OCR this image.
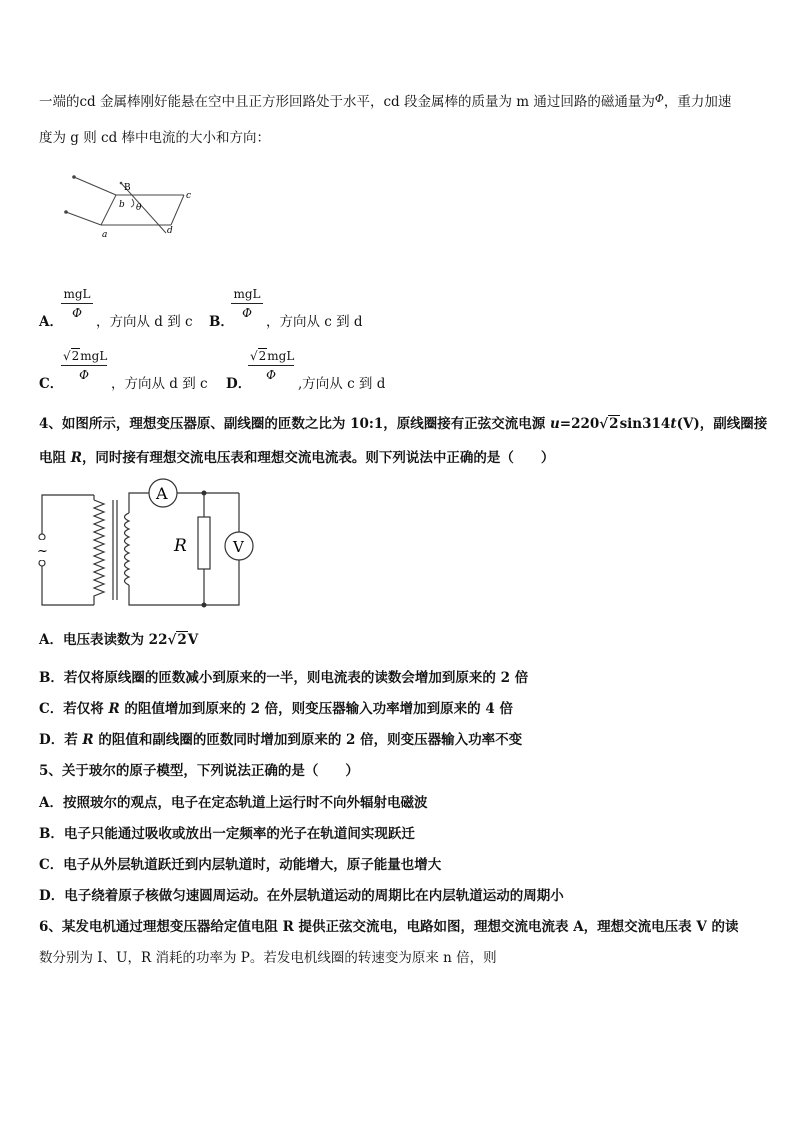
一端的cd 金属棒刚好能悬在空中且正方形回路处于水平，cd 段金属棒的质量为 m 通过回路的磁通量为$^\Phi$，重力加速
度为 g 则 cd 棒中电流的大小和方向：
B
b θ
c
d
a
A．
mgL
Φ
，方向从 d 到 c B．
mgL
Φ
，方向从 c 到 d
C．
√2mgL
Φ
，方向从 d 到 c D．
√2mgL
Φ
,方向从 c 到 d
4、如图所示，理想变压器原、副线圈的匝数之比为 10:1，原线圈接有正弦交流电源 u=220√2sin314t(V)，副线圈接
电阻 R，同时接有理想交流电压表和理想交流电流表。则下列说法中正确的是（　　）
~
A
V
R
A．电压表读数为 22√2V
B．若仅将原线圈的匝数减小到原来的一半，则电流表的读数会增加到原来的 2 倍
C．若仅将 R 的阻值增加到原来的 2 倍，则变压器输入功率增加到原来的 4 倍
D．若 R 的阻值和副线圈的匝数同时增加到原来的 2 倍，则变压器输入功率不变
5、关于玻尔的原子模型，下列说法正确的是（　　）
A．按照玻尔的观点，电子在定态轨道上运行时不向外辐射电磁波
B．电子只能通过吸收或放出一定频率的光子在轨道间实现跃迁
C．电子从外层轨道跃迁到内层轨道时，动能增大，原子能量也增大
D．电子绕着原子核做匀速圆周运动。在外层轨道运动的周期比在内层轨道运动的周期小
6、某发电机通过理想变压器给定值电阻 R 提供正弦交流电，电路如图，理想交流电流表 A，理想交流电压表 V 的读
数分别为 I、U，R 消耗的功率为 P。若发电机线圈的转速变为原来 n 倍，则
